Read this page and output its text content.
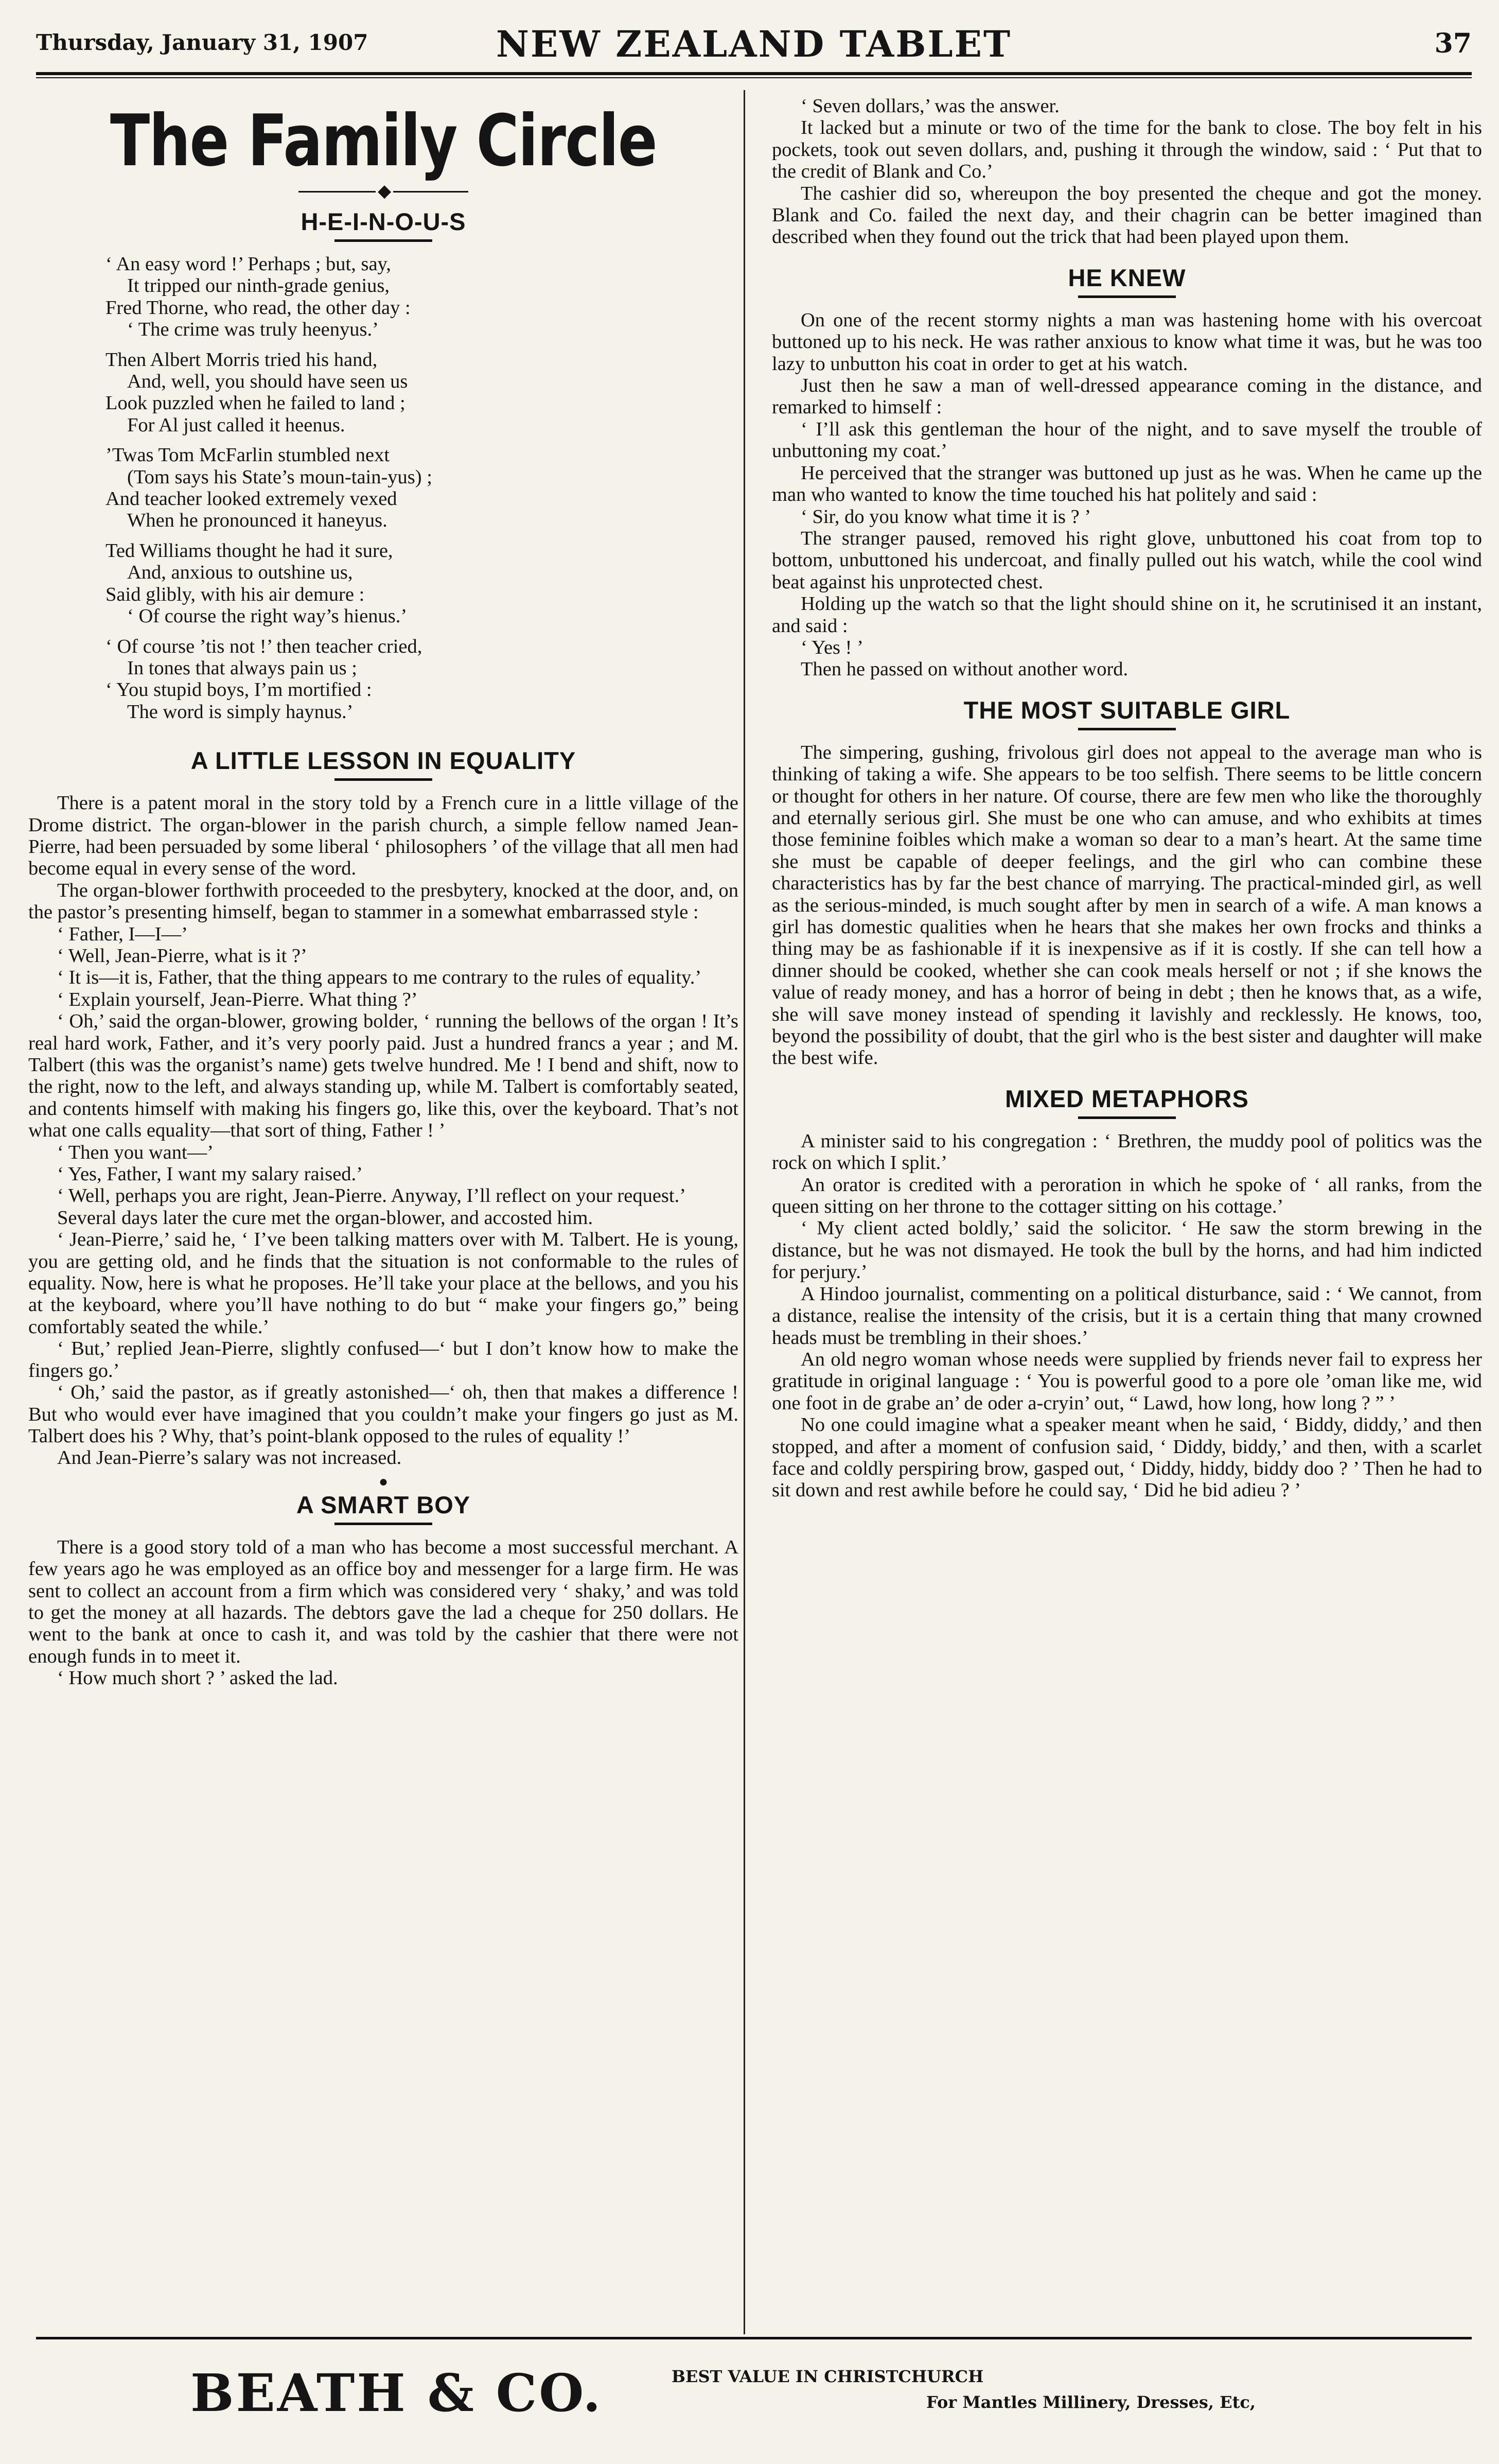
Thursday, January 31, 1907	NEW ZEALAND TABLET	37
The Family Circle
◆
H-E-I-N-O-U-S
‘ An easy word !’ Perhaps ; but, say,
It tripped our ninth-grade genius,
Fred Thorne, who read, the other day :
‘ The crime was truly heenyus.’
Then Albert Morris tried his hand,
And, well, you should have seen us
Look puzzled when he failed to land ;
For Al just called it heenus.
’Twas Tom McFarlin stumbled next
(Tom says his State’s moun-tain-yus) ;
And teacher looked extremely vexed
When he pronounced it haneyus.
Ted Williams thought he had it sure,
And, anxious to outshine us,
Said glibly, with his air demure :
‘ Of course the right way’s hienus.’
‘ Of course ’tis not !’ then teacher cried,
In tones that always pain us ;
‘ You stupid boys, I’m mortified :
The word is simply haynus.’
A LITTLE LESSON IN EQUALITY

There is a patent moral in the story told by a French cure in a little village of the Drome district. The organ-blower in the parish church, a simple fellow named Jean-Pierre, had been persuaded by some liberal ‘ philosophers ’ of the village that all men had become equal in every sense of the word.

The organ-blower forthwith proceeded to the presbytery, knocked at the door, and, on the pastor’s presenting himself, began to stammer in a somewhat embarrassed style :

‘ Father, I—I—’

‘ Well, Jean-Pierre, what is it ?’

‘ It is—it is, Father, that the thing appears to me contrary to the rules of equality.’

‘ Explain yourself, Jean-Pierre. What thing ?’

‘ Oh,’ said the organ-blower, growing bolder, ‘ running the bellows of the organ ! It’s real hard work, Father, and it’s very poorly paid. Just a hundred francs a year ; and M. Talbert (this was the organist’s name) gets twelve hundred. Me ! I bend and shift, now to the right, now to the left, and always standing up, while M. Talbert is comfortably seated, and contents himself with making his fingers go, like this, over the keyboard. That’s not what one calls equality—that sort of thing, Father ! ’

‘ Then you want—’

‘ Yes, Father, I want my salary raised.’

‘ Well, perhaps you are right, Jean-Pierre. Anyway, I’ll reflect on your request.’

Several days later the cure met the organ-blower, and accosted him.

‘ Jean-Pierre,’ said he, ‘ I’ve been talking matters over with M. Talbert. He is young, you are getting old, and he finds that the situation is not conformable to the rules of equality. Now, here is what he proposes. He’ll take your place at the bellows, and you his at the keyboard, where you’ll have nothing to do but “ make your fingers go,” being comfortably seated the while.’

‘ But,’ replied Jean-Pierre, slightly confused—‘ but I don’t know how to make the fingers go.’

‘ Oh,’ said the pastor, as if greatly astonished—‘ oh, then that makes a difference ! But who would ever have imagined that you couldn’t make your fingers go just as M. Talbert does his ? Why, that’s point-blank opposed to the rules of equality !’

And Jean-Pierre’s salary was not increased.

●
A SMART BOY

There is a good story told of a man who has become a most successful merchant. A few years ago he was employed as an office boy and messenger for a large firm. He was sent to collect an account from a firm which was considered very ‘ shaky,’ and was told to get the money at all hazards. The debtors gave the lad a cheque for 250 dollars. He went to the bank at once to cash it, and was told by the cashier that there were not enough funds in to meet it.

‘ How much short ? ’ asked the lad.

‘ Seven dollars,’ was the answer.

It lacked but a minute or two of the time for the bank to close. The boy felt in his pockets, took out seven dollars, and, pushing it through the window, said : ‘ Put that to the credit of Blank and Co.’

The cashier did so, whereupon the boy presented the cheque and got the money. Blank and Co. failed the next day, and their chagrin can be better imagined than described when they found out the trick that had been played upon them.

HE KNEW

On one of the recent stormy nights a man was hastening home with his overcoat buttoned up to his neck. He was rather anxious to know what time it was, but he was too lazy to unbutton his coat in order to get at his watch.

Just then he saw a man of well-dressed appearance coming in the distance, and remarked to himself :

‘ I’ll ask this gentleman the hour of the night, and to save myself the trouble of unbuttoning my coat.’

He perceived that the stranger was buttoned up just as he was. When he came up the man who wanted to know the time touched his hat politely and said :

‘ Sir, do you know what time it is ? ’

The stranger paused, removed his right glove, unbuttoned his coat from top to bottom, unbuttoned his undercoat, and finally pulled out his watch, while the cool wind beat against his unprotected chest.

Holding up the watch so that the light should shine on it, he scrutinised it an instant, and said :

‘ Yes ! ’

Then he passed on without another word.

THE MOST SUITABLE GIRL

The simpering, gushing, frivolous girl does not appeal to the average man who is thinking of taking a wife. She appears to be too selfish. There seems to be little concern or thought for others in her nature. Of course, there are few men who like the thoroughly and eternally serious girl. She must be one who can amuse, and who exhibits at times those feminine foibles which make a woman so dear to a man’s heart. At the same time she must be capable of deeper feelings, and the girl who can combine these characteristics has by far the best chance of marrying. The practical-minded girl, as well as the serious-minded, is much sought after by men in search of a wife. A man knows a girl has domestic qualities when he hears that she makes her own frocks and thinks a thing may be as fashionable if it is inexpensive as if it is costly. If she can tell how a dinner should be cooked, whether she can cook meals herself or not ; if she knows the value of ready money, and has a horror of being in debt ; then he knows that, as a wife, she will save money instead of spending it lavishly and recklessly. He knows, too, beyond the possibility of doubt, that the girl who is the best sister and daughter will make the best wife.

MIXED METAPHORS

A minister said to his congregation : ‘ Brethren, the muddy pool of politics was the rock on which I split.’

An orator is credited with a peroration in which he spoke of ‘ all ranks, from the queen sitting on her throne to the cottager sitting on his cottage.’

‘ My client acted boldly,’ said the solicitor. ‘ He saw the storm brewing in the distance, but he was not dismayed. He took the bull by the horns, and had him indicted for perjury.’

A Hindoo journalist, commenting on a political disturbance, said : ‘ We cannot, from a distance, realise the intensity of the crisis, but it is a certain thing that many crowned heads must be trembling in their shoes.’

An old negro woman whose needs were supplied by friends never fail to express her gratitude in original language : ‘ You is powerful good to a pore ole ’oman like me, wid one foot in de grabe an’ de oder a-cryin’ out, “ Lawd, how long, how long ? ” ’

No one could imagine what a speaker meant when he said, ‘ Biddy, diddy,’ and then stopped, and after a moment of confusion said, ‘ Diddy, biddy,’ and then, with a scarlet face and coldly perspiring brow, gasped out, ‘ Diddy, hiddy, biddy doo ? ’ Then he had to sit down and rest awhile before he could say, ‘ Did he bid adieu ? ’

BEATH & CO.	BEST VALUE IN CHRISTCHURCH
For Mantles Millinery, Dresses, Etc,
